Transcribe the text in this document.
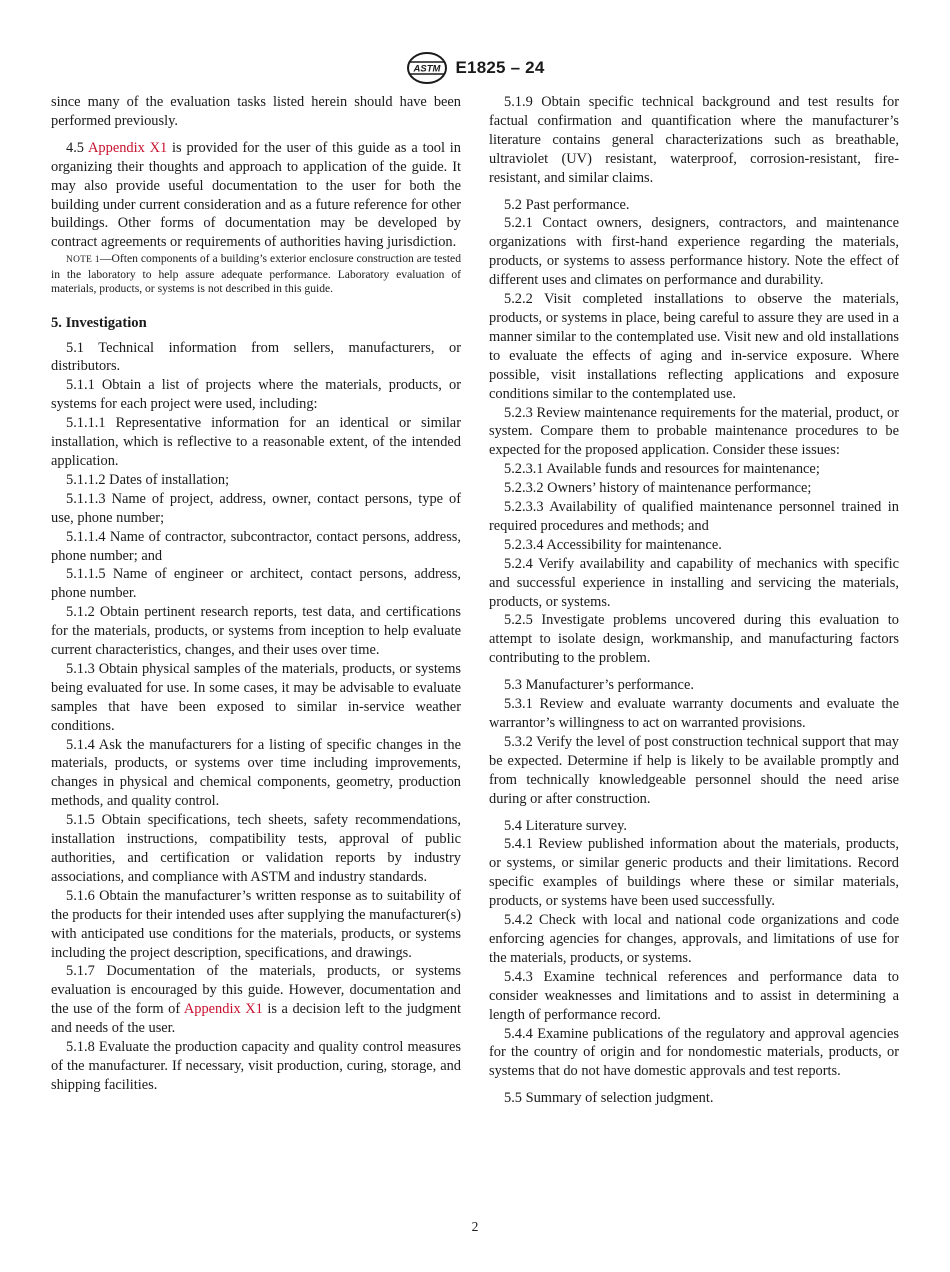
ASTM E1825 – 24

since many of the evaluation tasks listed herein should have been performed previously.

4.5 Appendix X1 is provided for the user of this guide as a tool in organizing their thoughts and approach to application of the guide. It may also provide useful documentation to the user for both the building under current consideration and as a future reference for other buildings. Other forms of documentation may be developed by contract agreements or requirements of authorities having jurisdiction.

NOTE 1—Often components of a building’s exterior enclosure construction are tested in the laboratory to help assure adequate performance. Laboratory evaluation of materials, products, or systems is not described in this guide.

5. Investigation

5.1 Technical information from sellers, manufacturers, or distributors.

5.1.1 Obtain a list of projects where the materials, products, or systems for each project were used, including:

5.1.1.1 Representative information for an identical or similar installation, which is reflective to a reasonable extent, of the intended application.

5.1.1.2 Dates of installation;

5.1.1.3 Name of project, address, owner, contact persons, type of use, phone number;

5.1.1.4 Name of contractor, subcontractor, contact persons, address, phone number; and

5.1.1.5 Name of engineer or architect, contact persons, address, phone number.

5.1.2 Obtain pertinent research reports, test data, and certifications for the materials, products, or systems from inception to help evaluate current characteristics, changes, and their uses over time.

5.1.3 Obtain physical samples of the materials, products, or systems being evaluated for use. In some cases, it may be advisable to evaluate samples that have been exposed to similar in-service weather conditions.

5.1.4 Ask the manufacturers for a listing of specific changes in the materials, products, or systems over time including improvements, changes in physical and chemical components, geometry, production methods, and quality control.

5.1.5 Obtain specifications, tech sheets, safety recommendations, installation instructions, compatibility tests, approval of public authorities, and certification or validation reports by industry associations, and compliance with ASTM and industry standards.

5.1.6 Obtain the manufacturer’s written response as to suitability of the products for their intended uses after supplying the manufacturer(s) with anticipated use conditions for the materials, products, or systems including the project description, specifications, and drawings.

5.1.7 Documentation of the materials, products, or systems evaluation is encouraged by this guide. However, documentation and the use of the form of Appendix X1 is a decision left to the judgment and needs of the user.

5.1.8 Evaluate the production capacity and quality control measures of the manufacturer. If necessary, visit production, curing, storage, and shipping facilities.

5.1.9 Obtain specific technical background and test results for factual confirmation and quantification where the manufacturer’s literature contains general characterizations such as breathable, ultraviolet (UV) resistant, waterproof, corrosion-resistant, fire-resistant, and similar claims.

5.2 Past performance.

5.2.1 Contact owners, designers, contractors, and maintenance organizations with first-hand experience regarding the materials, products, or systems to assess performance history. Note the effect of different uses and climates on performance and durability.

5.2.2 Visit completed installations to observe the materials, products, or systems in place, being careful to assure they are used in a manner similar to the contemplated use. Visit new and old installations to evaluate the effects of aging and in-service exposure. Where possible, visit installations reflecting applications and exposure conditions similar to the contemplated use.

5.2.3 Review maintenance requirements for the material, product, or system. Compare them to probable maintenance procedures to be expected for the proposed application. Consider these issues:

5.2.3.1 Available funds and resources for maintenance;

5.2.3.2 Owners’ history of maintenance performance;

5.2.3.3 Availability of qualified maintenance personnel trained in required procedures and methods; and

5.2.3.4 Accessibility for maintenance.

5.2.4 Verify availability and capability of mechanics with specific and successful experience in installing and servicing the materials, products, or systems.

5.2.5 Investigate problems uncovered during this evaluation to attempt to isolate design, workmanship, and manufacturing factors contributing to the problem.

5.3 Manufacturer’s performance.

5.3.1 Review and evaluate warranty documents and evaluate the warrantor’s willingness to act on warranted provisions.

5.3.2 Verify the level of post construction technical support that may be expected. Determine if help is likely to be available promptly and from technically knowledgeable personnel should the need arise during or after construction.

5.4 Literature survey.

5.4.1 Review published information about the materials, products, or systems, or similar generic products and their limitations. Record specific examples of buildings where these or similar materials, products, or systems have been used successfully.

5.4.2 Check with local and national code organizations and code enforcing agencies for changes, approvals, and limitations of use for the materials, products, or systems.

5.4.3 Examine technical references and performance data to consider weaknesses and limitations and to assist in determining a length of performance record.

5.4.4 Examine publications of the regulatory and approval agencies for the country of origin and for nondomestic materials, products, or systems that do not have domestic approvals and test reports.

5.5 Summary of selection judgment.

2
